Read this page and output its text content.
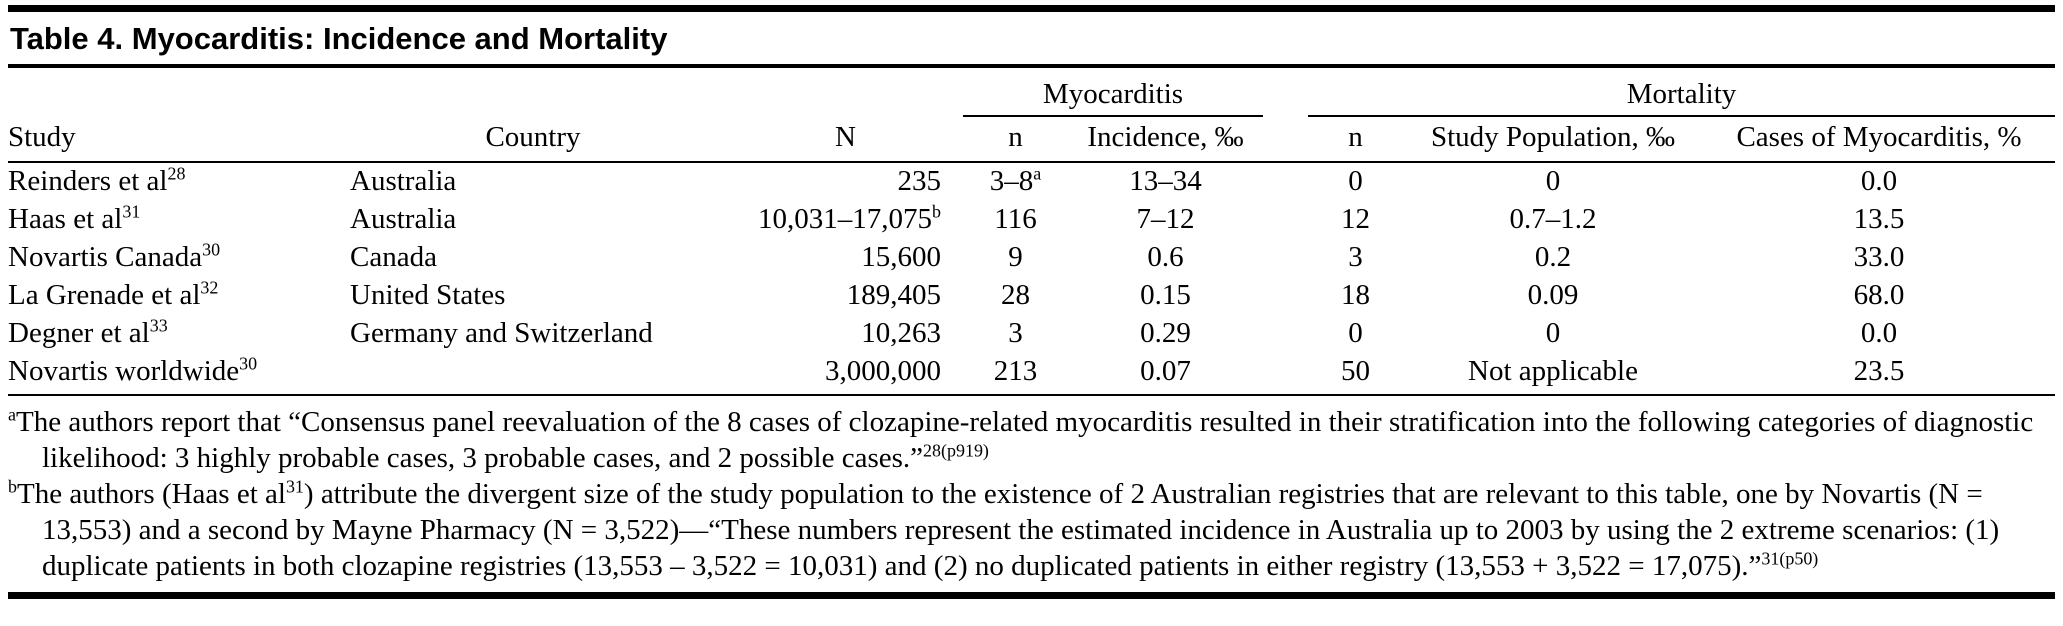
Table 4. Myocarditis: Incidence and Mortality
			Myocarditis			Mortality		
Study	Country	N	n	Incidence, ‰		n	Study Population, ‰	Cases of Myocarditis, %
Reinders et $al^{28}$	Australia	235	3–8$^a$	13–34		0	0	0.0
Haas et $al^{31}$	Australia	10,031–17,075$^b$	116	7–12		12	0.7–1.2	13.5
Novartis Canada$^{30}$	Canada	15,600	9	0.6		3	0.2	33.0
La Grenade et $al^{32}$	United States	189,405	28	0.15		18	0.09	68.0
Degner et $al^{33}$	Germany and Switzerland	10,263	3	0.29		0	0	0.0
Novartis worldwide$^{30}$		3,000,000	213	0.07		50	Not applicable	23.5

$^a$The authors report that “Consensus panel reevaluation of the 8 cases of clozapine-related myocarditis resulted in their stratification into the following categories of diagnostic likelihood: 3 highly probable cases, 3 probable cases, and 2 possible cases.”$^{28(p919)}$

$^b$The authors (Haas et $al^{31}$) attribute the divergent size of the study population to the existence of 2 Australian registries that are relevant to this table, one by Novartis (N = 13,553) and a second by Mayne Pharmacy (N = 3,522)—“These numbers represent the estimated incidence in Australia up to 2003 by using the 2 extreme scenarios: (1) duplicate patients in both clozapine registries (13,553 – 3,522 = 10,031) and (2) no duplicated patients in either registry (13,553 + 3,522 = 17,075).”$^{31(p50)}$
